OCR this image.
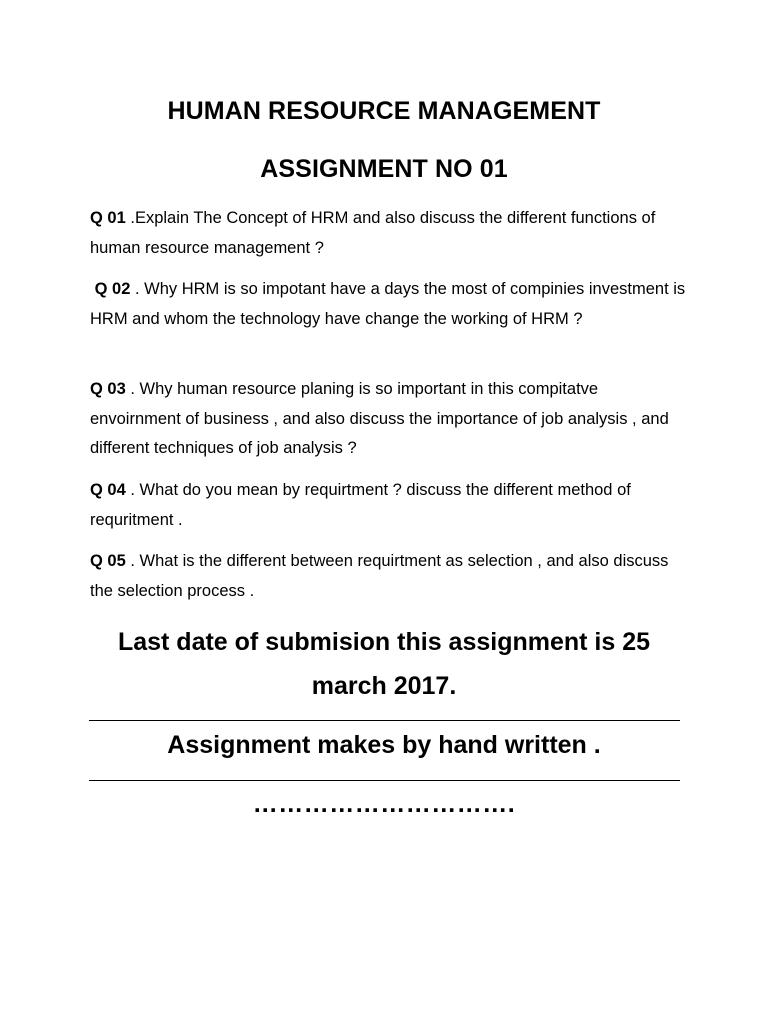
HUMAN RESOURCE MANAGEMENT
ASSIGNMENT NO 01
Q 01 .Explain The Concept of HRM and also discuss the different functions of human resource management ?
Q 02 . Why HRM is so impotant have a days the most of compinies investment is HRM and whom the technology have change the working of HRM ?
Q 03 . Why human resource planing is so important in this compitatve envoirnment of business , and also discuss the importance of job analysis , and different techniques of job analysis ?
Q 04 . What do you mean by requirtment ? discuss the different method of requritment .
Q 05 . What is the different between requirtment as selection , and also discuss the selection process .
Last date of submision this assignment is 25 march 2017.
Assignment makes by hand written .
………………………….
